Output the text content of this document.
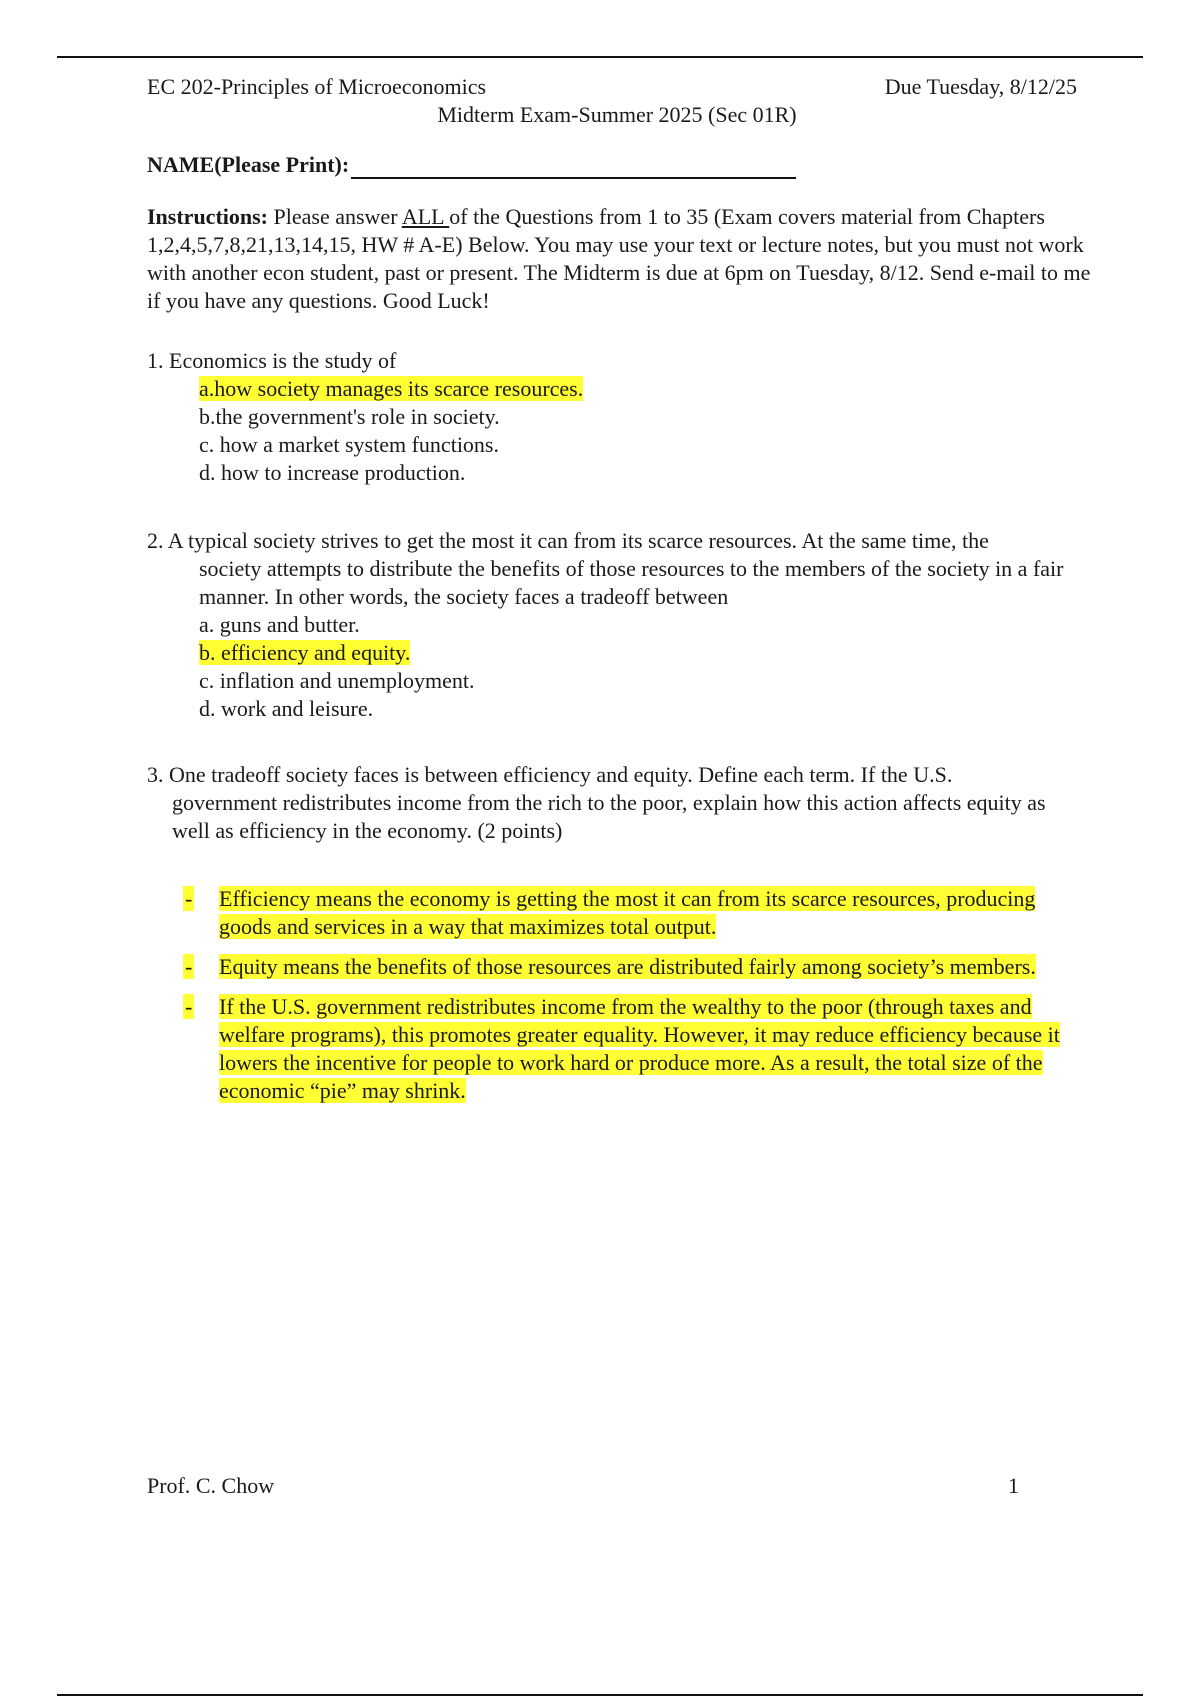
EC 202-Principles of Microeconomics	Due Tuesday, 8/12/25
Midterm Exam-Summer 2025 (Sec 01R)
NAME(Please Print):
Instructions: Please answer ALL of the Questions from 1 to 35 (Exam covers material from Chapters 1,2,4,5,7,8,21,13,14,15, HW # A-E) Below. You may use your text or lecture notes, but you must not work with another econ student, past or present. The Midterm is due at 6pm on Tuesday, 8/12. Send e-mail to me if you have any questions. Good Luck!
1. Economics is the study of
a.how society manages its scarce resources.
b.the government's role in society.
c. how a market system functions.
d. how to increase production.
2. A typical society strives to get the most it can from its scarce resources. At the same time, the
society attempts to distribute the benefits of those resources to the members of the society in a fair manner. In other words, the society faces a tradeoff between
a. guns and butter.
b. efficiency and equity.
c. inflation and unemployment.
d. work and leisure.
3. One tradeoff society faces is between efficiency and equity. Define each term. If the U.S.
government redistributes income from the rich to the poor, explain how this action affects equity as well as efficiency in the economy. (2 points)
-	Efficiency means the economy is getting the most it can from its scarce resources, producing goods and services in a way that maximizes total output.
-	Equity means the benefits of those resources are distributed fairly among society’s members.
-	If the U.S. government redistributes income from the wealthy to the poor (through taxes and welfare programs), this promotes greater equality. However, it may reduce efficiency because it lowers the incentive for people to work hard or produce more. As a result, the total size of the economic “pie” may shrink.
Prof. C. Chow	1
